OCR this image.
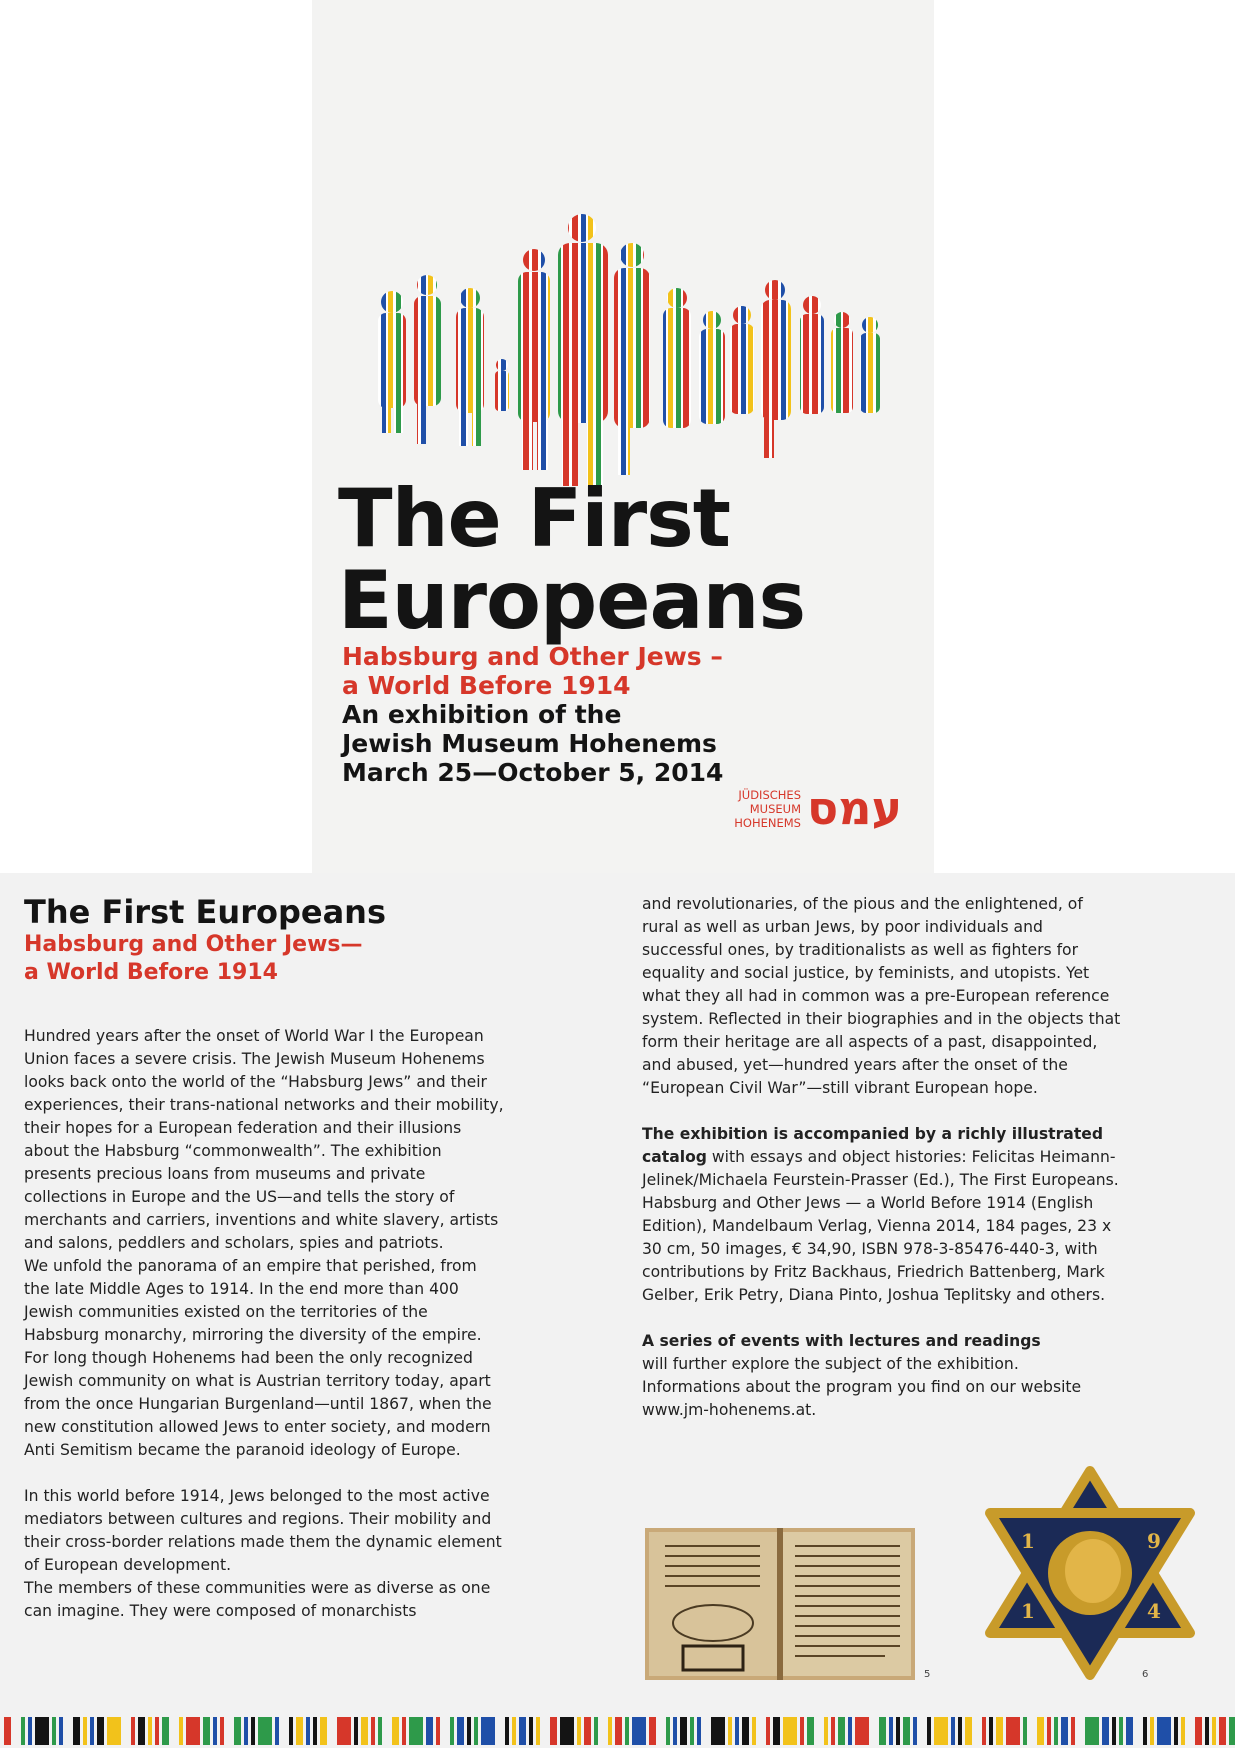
The First
Europeans
Habsburg and Other Jews –
a World Before 1914
An exhibition of the
Jewish Museum Hohenems
March 25—October 5, 2014
JÜDISCHES
MUSEUM
HOHENEMS עמס
The First Europeans
Habsburg and Other Jews—
a World Before 1914

Hundred years after the onset of World War I the European Union faces a severe crisis. The Jewish Museum Hohenems looks back onto the world of the “Habsburg Jews” and their experiences, their trans-national networks and their mobility, their hopes for a European federation and their illusions about the Habsburg “commonwealth”. The exhibition presents precious loans from museums and private collections in Europe and the US—and tells the story of merchants and carriers, inventions and white slavery, artists and salons, peddlers and scholars, spies and patriots.

We unfold the panorama of an empire that perished, from the late Middle Ages to 1914. In the end more than 400 Jewish communities existed on the territories of the Habsburg monarchy, mirroring the diversity of the empire. For long though Hohenems had been the only recognized Jewish community on what is Austrian territory today, apart from the once Hungarian Burgenland—until 1867, when the new constitution allowed Jews to enter society, and modern Anti Semitism became the paranoid ideology of Europe.

In this world before 1914, Jews belonged to the most active mediators between cultures and regions. Their mobility and their cross-border relations made them the dynamic element of European development.

The members of these communities were as diverse as one can imagine. They were composed of monarchists

and revolutionaries, of the pious and the enlightened, of rural as well as urban Jews, by poor individuals and successful ones, by traditionalists as well as fighters for equality and social justice, by feminists, and utopists. Yet what they all had in common was a pre-European reference system. Reflected in their biographies and in the objects that form their heritage are all aspects of a past, disappointed, and abused, yet—hundred years after the onset of the “European Civil War”—still vibrant European hope.

The exhibition is accompanied by a richly illustrated catalog with essays and object histories: Felicitas Heimann-Jelinek/Michaela Feurstein-Prasser (Ed.), The First Europeans. Habsburg and Other Jews — a World Before 1914 (English Edition), Mandelbaum Verlag, Vienna 2014, 184 pages, 23 x 30 cm, 50 images, € 34,90, ISBN 978-3-85476-440-3, with contributions by Fritz Backhaus, Friedrich Battenberg, Mark Gelber, Erik Petry, Diana Pinto, Joshua Teplitsky and others.

A series of events with lectures and readings
will further explore the subject of the exhibition. Informations about the program you find on our website www.jm-hohenems.at.

5
1	9
1	4
6
